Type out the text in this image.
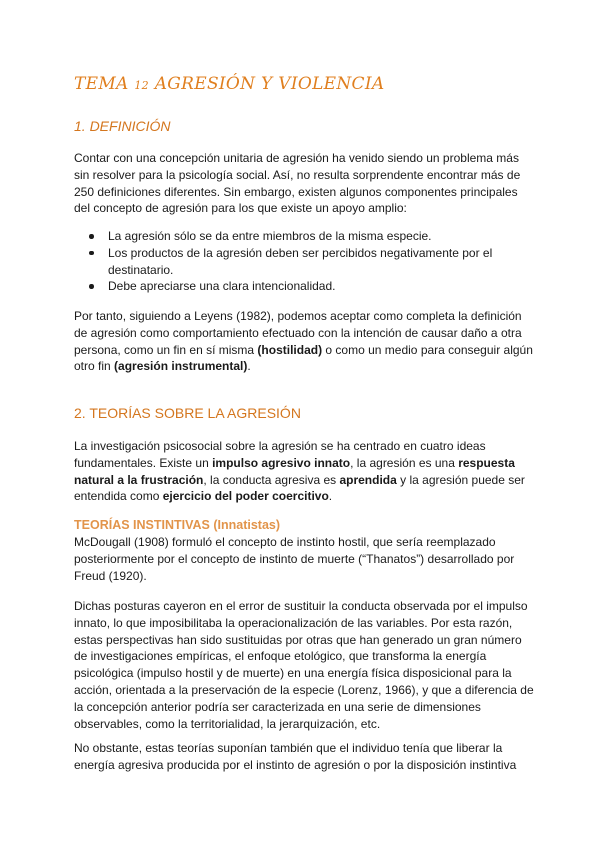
TEMA 12 AGRESIÓN Y VIOLENCIA
1. DEFINICIÓN

Contar con una concepción unitaria de agresión ha venido siendo un problema más sin resolver para la psicología social. Así, no resulta sorprendente encontrar más de 250 definiciones diferentes. Sin embargo, existen algunos componentes principales del concepto de agresión para los que existe un apoyo amplio:

La agresión sólo se da entre miembros de la misma especie.
Los productos de la agresión deben ser percibidos negativamente por el destinatario.
Debe apreciarse una clara intencionalidad.

Por tanto, siguiendo a Leyens (1982), podemos aceptar como completa la definición de agresión como comportamiento efectuado con la intención de causar daño a otra persona, como un fin en sí misma (hostilidad) o como un medio para conseguir algún otro fin (agresión instrumental).

2. TEORÍAS SOBRE LA AGRESIÓN

La investigación psicosocial sobre la agresión se ha centrado en cuatro ideas fundamentales. Existe un impulso agresivo innato, la agresión es una respuesta natural a la frustración, la conducta agresiva es aprendida y la agresión puede ser entendida como ejercicio del poder coercitivo.

TEORÍAS INSTINTIVAS (Innatistas)

McDougall (1908) formuló el concepto de instinto hostil, que sería reemplazado posteriormente por el concepto de instinto de muerte (“Thanatos”) desarrollado por Freud (1920).

Dichas posturas cayeron en el error de sustituir la conducta observada por el impulso innato, lo que imposibilitaba la operacionalización de las variables. Por esta razón, estas perspectivas han sido sustituidas por otras que han generado un gran número de investigaciones empíricas, el enfoque etológico, que transforma la energía psicológica (impulso hostil y de muerte) en una energía física disposicional para la acción, orientada a la preservación de la especie (Lorenz, 1966), y que a diferencia de la concepción anterior podría ser caracterizada en una serie de dimensiones observables, como la territorialidad, la jerarquización, etc.

No obstante, estas teorías suponían también que el individuo tenía que liberar la energía agresiva producida por el instinto de agresión o por la disposición instintiva
